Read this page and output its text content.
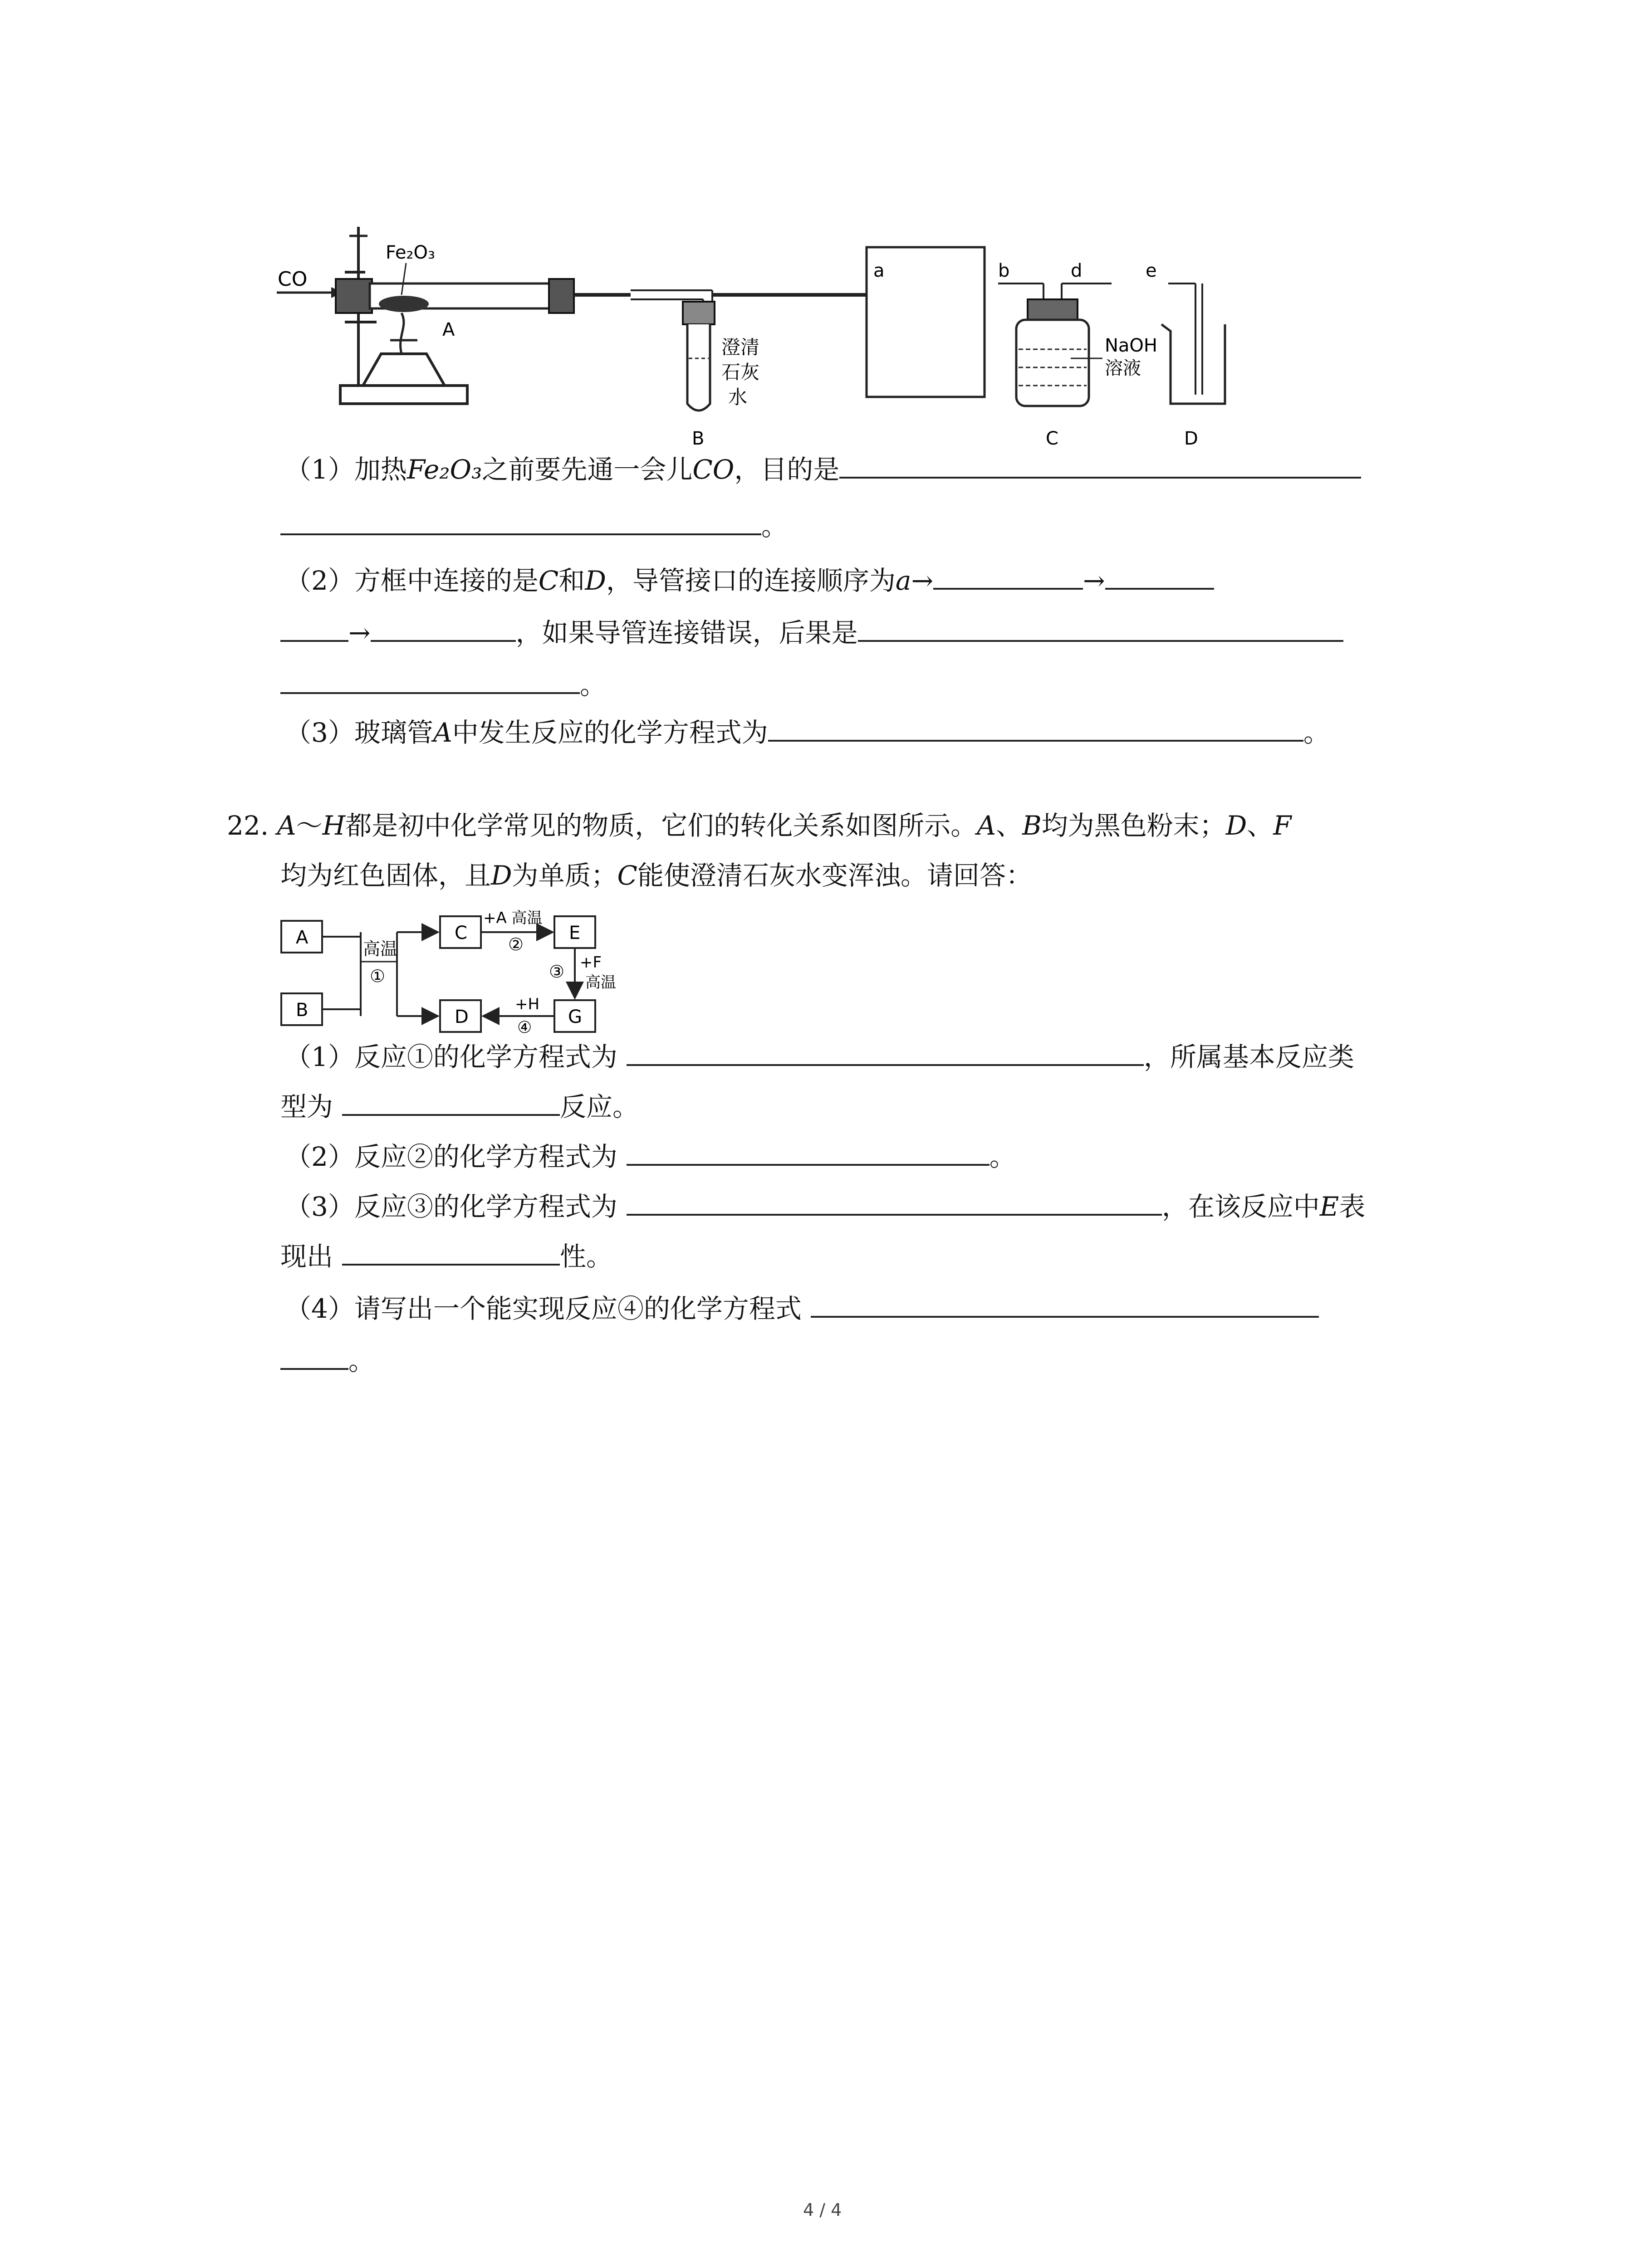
CO
Fe₂O₃
A
澄清
石灰
水
B
a	b	d
NaOH
溶液
C
e
D
（1）加热Fe₂O₃之前要先通一会儿CO，目的是
。
（2）方框中连接的是C和D，导管接口的连接顺序为a→	→
→	，如果导管连接错误，后果是
。
（3）玻璃管A中发生反应的化学方程式为	。
22. A～H都是初中化学常见的物质，它们的转化关系如图所示。A、B均为黑色粉末；D、F
均为红色固体，且D为单质；C能使澄清石灰水变浑浊。请回答：
A
B
高温
①
C
+A 高温
②
E
③ +F
高温
G
+H
④
D
（1）反应①的化学方程式为	，所属基本反应类
型为	反应。
（2）反应②的化学方程式为	。
（3）反应③的化学方程式为	，在该反应中E表
现出	性。
（4）请写出一个能实现反应④的化学方程式
。
4 / 4
